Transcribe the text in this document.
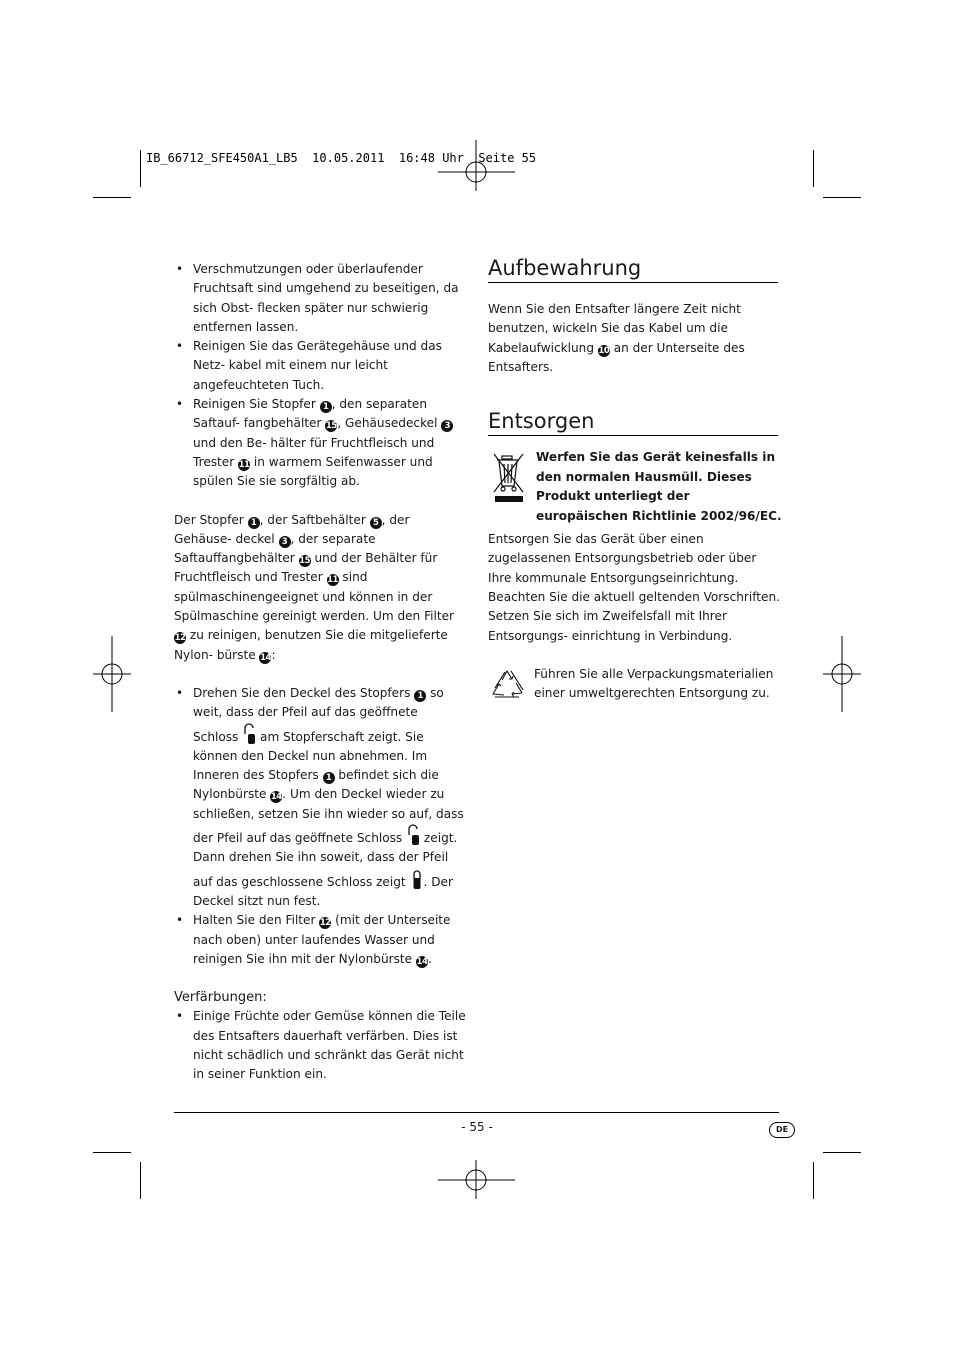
IB_66712_SFE450A1_LB5  10.05.2011  16:48 Uhr  Seite 55
• Verschmutzungen oder überlaufender Fruchtsaft sind umgehend zu beseitigen, da sich Obst- flecken später nur schwierig entfernen lassen.
• Reinigen Sie das Gerätegehäuse und das Netz- kabel mit einem nur leicht angefeuchteten Tuch.
• Reinigen Sie Stopfer 1 , den separaten Saftauf- fangbehälter 15, Gehäusedeckel 3 und den Be- hälter für Fruchtfleisch und Trester 11 in warmem Seifenwasser und spülen Sie sie sorgfältig ab.

Der Stopfer 1 , der Saftbehälter 5 , der Gehäuse- deckel 3 , der separate Saftauffangbehälter 15 und der Behälter für Fruchtfleisch und Trester 11 sind spülmaschinengeeignet und können in der Spülmaschine gereinigt werden. Um den Filter 12 zu reinigen, benutzen Sie die mitgelieferte Nylon- bürste 14:

• Drehen Sie den Deckel des Stopfers 1 so weit, dass der Pfeil auf das geöffnete Schloss  am Stopferschaft zeigt. Sie können den Deckel nun abnehmen. Im Inneren des Stopfers 1 befindet sich die Nylonbürste 14. Um den Deckel wieder zu schließen, setzen Sie ihn wieder so auf, dass der Pfeil auf das geöffnete Schloss  zeigt. Dann drehen Sie ihn soweit, dass der Pfeil auf das geschlossene Schloss zeigt . Der Deckel sitzt nun fest.
• Halten Sie den Filter 12 (mit der Unterseite nach oben) unter laufendes Wasser und reinigen Sie ihn mit der Nylonbürste 14.

Verfärbungen:

• Einige Früchte oder Gemüse können die Teile des Entsafters dauerhaft verfärben. Dies ist nicht schädlich und schränkt das Gerät nicht in seiner Funktion ein.
Aufbewahrung

Wenn Sie den Entsafter längere Zeit nicht benutzen, wickeln Sie das Kabel um die Kabelaufwicklung 10 an der Unterseite des Entsafters.

Entsorgen
Werfen Sie das Gerät keinesfalls in den normalen Hausmüll. Dieses Produkt unterliegt der europäischen Richtlinie 2002/96/EC.

Entsorgen Sie das Gerät über einen zugelassenen Entsorgungsbetrieb oder über Ihre kommunale Entsorgungseinrichtung.

Beachten Sie die aktuell geltenden Vorschriften. Setzen Sie sich im Zweifelsfall mit Ihrer Entsorgungs- einrichtung in Verbindung.

Führen Sie alle Verpackungsmaterialien einer umweltgerechten Entsorgung zu.
- 55 -	DE
